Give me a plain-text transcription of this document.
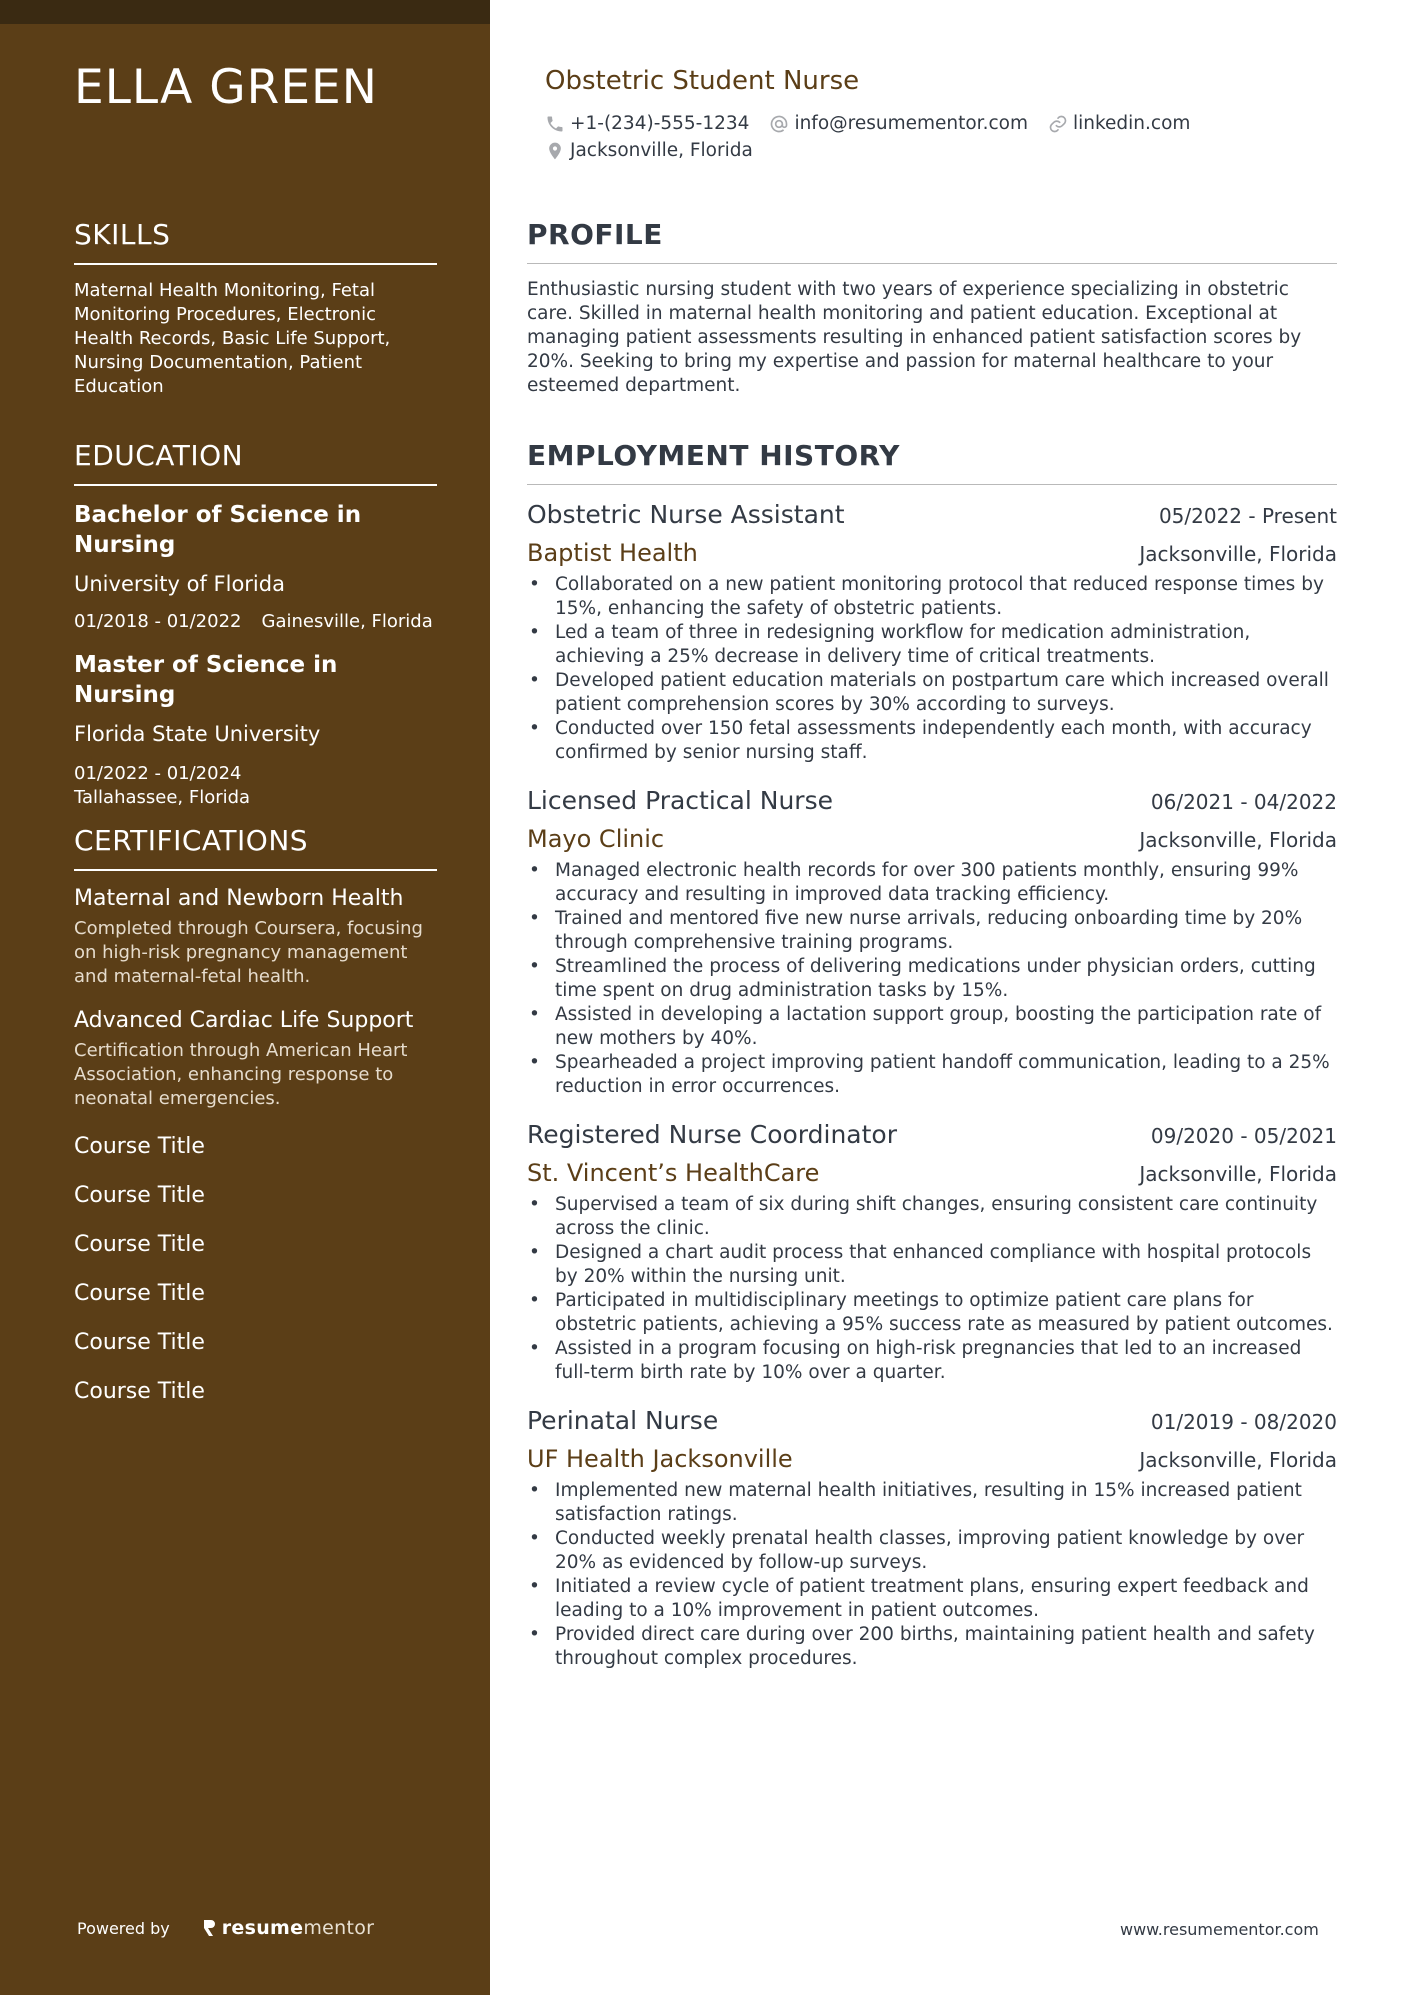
ELLA GREEN
SKILLS

Maternal Health Monitoring, Fetal Monitoring Procedures, Electronic Health Records, Basic Life Support, Nursing Documentation, Patient Education

EDUCATION
Bachelor of Science in Nursing
University of Florida
01/2018 - 01/2022 Gainesville, Florida
Master of Science in Nursing
Florida State University
01/2022 - 01/2024
Tallahassee, Florida
CERTIFICATIONS
Maternal and Newborn Health
Completed through Coursera, focusing on high-risk pregnancy management and maternal-fetal health.
Advanced Cardiac Life Support
Certification through American Heart Association, enhancing response to neonatal emergencies.
Course Title
Course Title
Course Title
Course Title
Course Title
Course Title
Powered by	resume mentor
Obstetric Student Nurse
+1-(234)-555-1234 info@resumementor.com linkedin.com
Jacksonville, Florida
PROFILE

Enthusiastic nursing student with two years of experience specializing in obstetric care. Skilled in maternal health monitoring and patient education. Exceptional at managing patient assessments resulting in enhanced patient satisfaction scores by 20%. Seeking to bring my expertise and passion for maternal healthcare to your esteemed department.

EMPLOYMENT HISTORY
Obstetric Nurse Assistant	05/2022 - Present
Baptist Health	Jacksonville, Florida
• Collaborated on a new patient monitoring protocol that reduced response times by 15%, enhancing the safety of obstetric patients.
• Led a team of three in redesigning workflow for medication administration, achieving a 25% decrease in delivery time of critical treatments.
• Developed patient education materials on postpartum care which increased overall patient comprehension scores by 30% according to surveys.
• Conducted over 150 fetal assessments independently each month, with accuracy confirmed by senior nursing staff.
Licensed Practical Nurse	06/2021 - 04/2022
Mayo Clinic	Jacksonville, Florida
• Managed electronic health records for over 300 patients monthly, ensuring 99% accuracy and resulting in improved data tracking efficiency.
• Trained and mentored five new nurse arrivals, reducing onboarding time by 20% through comprehensive training programs.
• Streamlined the process of delivering medications under physician orders, cutting time spent on drug administration tasks by 15%.
• Assisted in developing a lactation support group, boosting the participation rate of new mothers by 40%.
• Spearheaded a project improving patient handoff communication, leading to a 25% reduction in error occurrences.
Registered Nurse Coordinator	09/2020 - 05/2021
St. Vincent’s HealthCare	Jacksonville, Florida
• Supervised a team of six during shift changes, ensuring consistent care continuity across the clinic.
• Designed a chart audit process that enhanced compliance with hospital protocols by 20% within the nursing unit.
• Participated in multidisciplinary meetings to optimize patient care plans for obstetric patients, achieving a 95% success rate as measured by patient outcomes.
• Assisted in a program focusing on high-risk pregnancies that led to an increased full-term birth rate by 10% over a quarter.
Perinatal Nurse	01/2019 - 08/2020
UF Health Jacksonville	Jacksonville, Florida
• Implemented new maternal health initiatives, resulting in 15% increased patient satisfaction ratings.
• Conducted weekly prenatal health classes, improving patient knowledge by over 20% as evidenced by follow-up surveys.
• Initiated a review cycle of patient treatment plans, ensuring expert feedback and leading to a 10% improvement in patient outcomes.
• Provided direct care during over 200 births, maintaining patient health and safety throughout complex procedures.
www.resumementor.com
